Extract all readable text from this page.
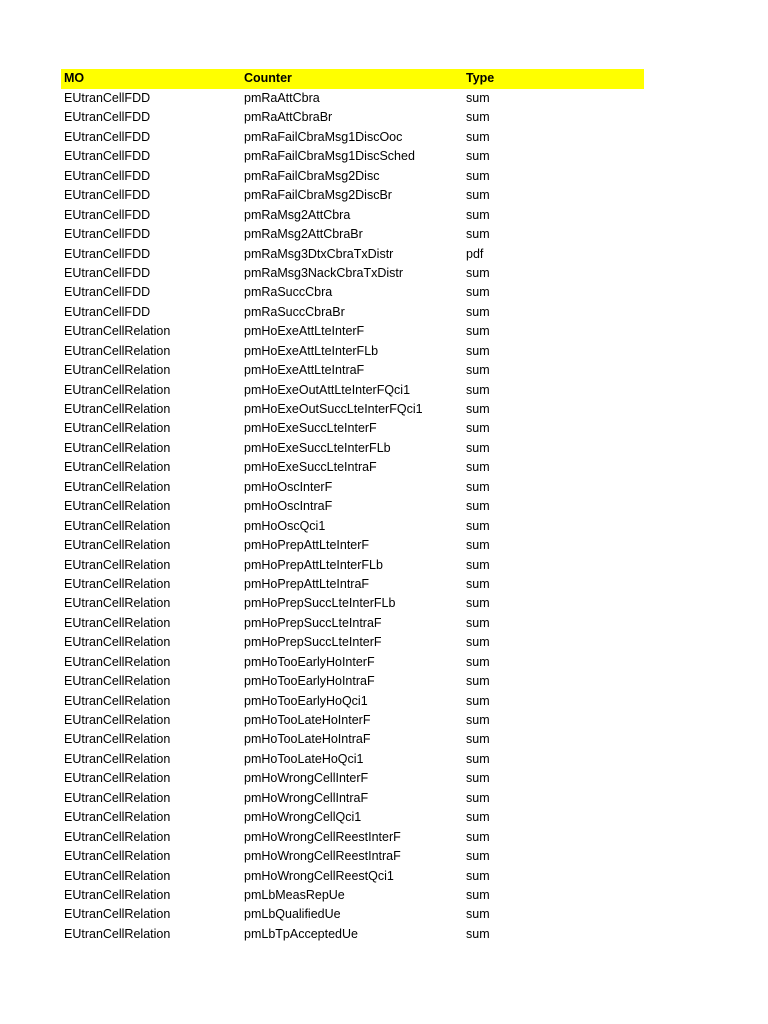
MO	Counter	Type
EUtranCellFDD	pmRaAttCbra	sum
EUtranCellFDD	pmRaAttCbraBr	sum
EUtranCellFDD	pmRaFailCbraMsg1DiscOoc	sum
EUtranCellFDD	pmRaFailCbraMsg1DiscSched	sum
EUtranCellFDD	pmRaFailCbraMsg2Disc	sum
EUtranCellFDD	pmRaFailCbraMsg2DiscBr	sum
EUtranCellFDD	pmRaMsg2AttCbra	sum
EUtranCellFDD	pmRaMsg2AttCbraBr	sum
EUtranCellFDD	pmRaMsg3DtxCbraTxDistr	pdf
EUtranCellFDD	pmRaMsg3NackCbraTxDistr	sum
EUtranCellFDD	pmRaSuccCbra	sum
EUtranCellFDD	pmRaSuccCbraBr	sum
EUtranCellRelation	pmHoExeAttLteInterF	sum
EUtranCellRelation	pmHoExeAttLteInterFLb	sum
EUtranCellRelation	pmHoExeAttLteIntraF	sum
EUtranCellRelation	pmHoExeOutAttLteInterFQci1	sum
EUtranCellRelation	pmHoExeOutSuccLteInterFQci1	sum
EUtranCellRelation	pmHoExeSuccLteInterF	sum
EUtranCellRelation	pmHoExeSuccLteInterFLb	sum
EUtranCellRelation	pmHoExeSuccLteIntraF	sum
EUtranCellRelation	pmHoOscInterF	sum
EUtranCellRelation	pmHoOscIntraF	sum
EUtranCellRelation	pmHoOscQci1	sum
EUtranCellRelation	pmHoPrepAttLteInterF	sum
EUtranCellRelation	pmHoPrepAttLteInterFLb	sum
EUtranCellRelation	pmHoPrepAttLteIntraF	sum
EUtranCellRelation	pmHoPrepSuccLteInterFLb	sum
EUtranCellRelation	pmHoPrepSuccLteIntraF	sum
EUtranCellRelation	pmHoPrepSuccLteInterF	sum
EUtranCellRelation	pmHoTooEarlyHoInterF	sum
EUtranCellRelation	pmHoTooEarlyHoIntraF	sum
EUtranCellRelation	pmHoTooEarlyHoQci1	sum
EUtranCellRelation	pmHoTooLateHoInterF	sum
EUtranCellRelation	pmHoTooLateHoIntraF	sum
EUtranCellRelation	pmHoTooLateHoQci1	sum
EUtranCellRelation	pmHoWrongCellInterF	sum
EUtranCellRelation	pmHoWrongCellIntraF	sum
EUtranCellRelation	pmHoWrongCellQci1	sum
EUtranCellRelation	pmHoWrongCellReestInterF	sum
EUtranCellRelation	pmHoWrongCellReestIntraF	sum
EUtranCellRelation	pmHoWrongCellReestQci1	sum
EUtranCellRelation	pmLbMeasRepUe	sum
EUtranCellRelation	pmLbQualifiedUe	sum
EUtranCellRelation	pmLbTpAcceptedUe	sum
